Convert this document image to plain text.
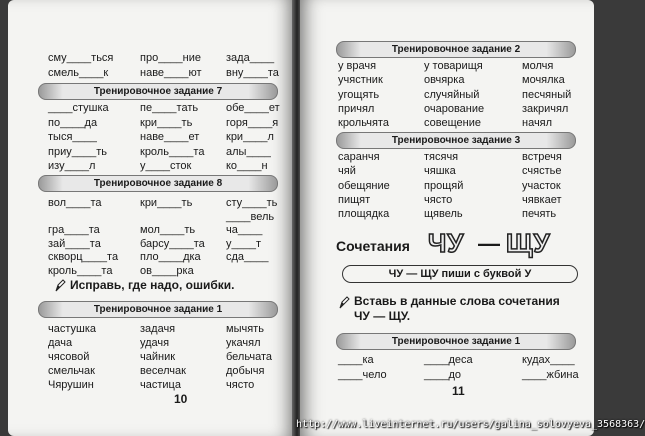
сму____ться про____ние зада____
смель____к	наве____ют вну____та
Тренировочное задание 7
____стушка	пе____тать	обе____ет
по____да	кри____ть	горя____я
тыся____	наве____ет кри____л
приу____ть	кроль____та алы____
изу____л	у____сток	ко____н
Тренировочное задание 8
вол____та	кри____ть	сту____ть
____вель
гра____та	мол____ть	ча____
зай____та	барсу____та у____т
скворц____та пло____дка сда____
кроль____та	ов____рка
Исправь, где надо, ошибки.
Тренировочное задание 1
частушка	задачя	мычять
дача	удачя	укачял
чясовой	чайник	бельчата
смельчак	веселчак	добычя
Чярушин	частица	чясто
10
Тренировочное задание 2
у врачя	у товарищя	молчя
учястник	овчярка	мочялка
угощять	случяйный	песчяный
причял	очарование	закричял
крольчята	совещение	начял
Тренировочное задание 3
саранчя	тясячя	встречя
чяй	чяшка	счястье
обещяние	прощяй	участок
пищят	чясто	чявкает
площядка	щявель	печять
Сочетания ЧУ — ЩУ
ЧУ — ЩУ пиши с буквой У
Вставь в данные слова сочетания
ЧУ — ЩУ.
Тренировочное задание 1
____ка	____деса	кудах____
____чело	____до	____жбина
11
http://www.liveinternet.ru/users/galina_solovyeva_3568363/
